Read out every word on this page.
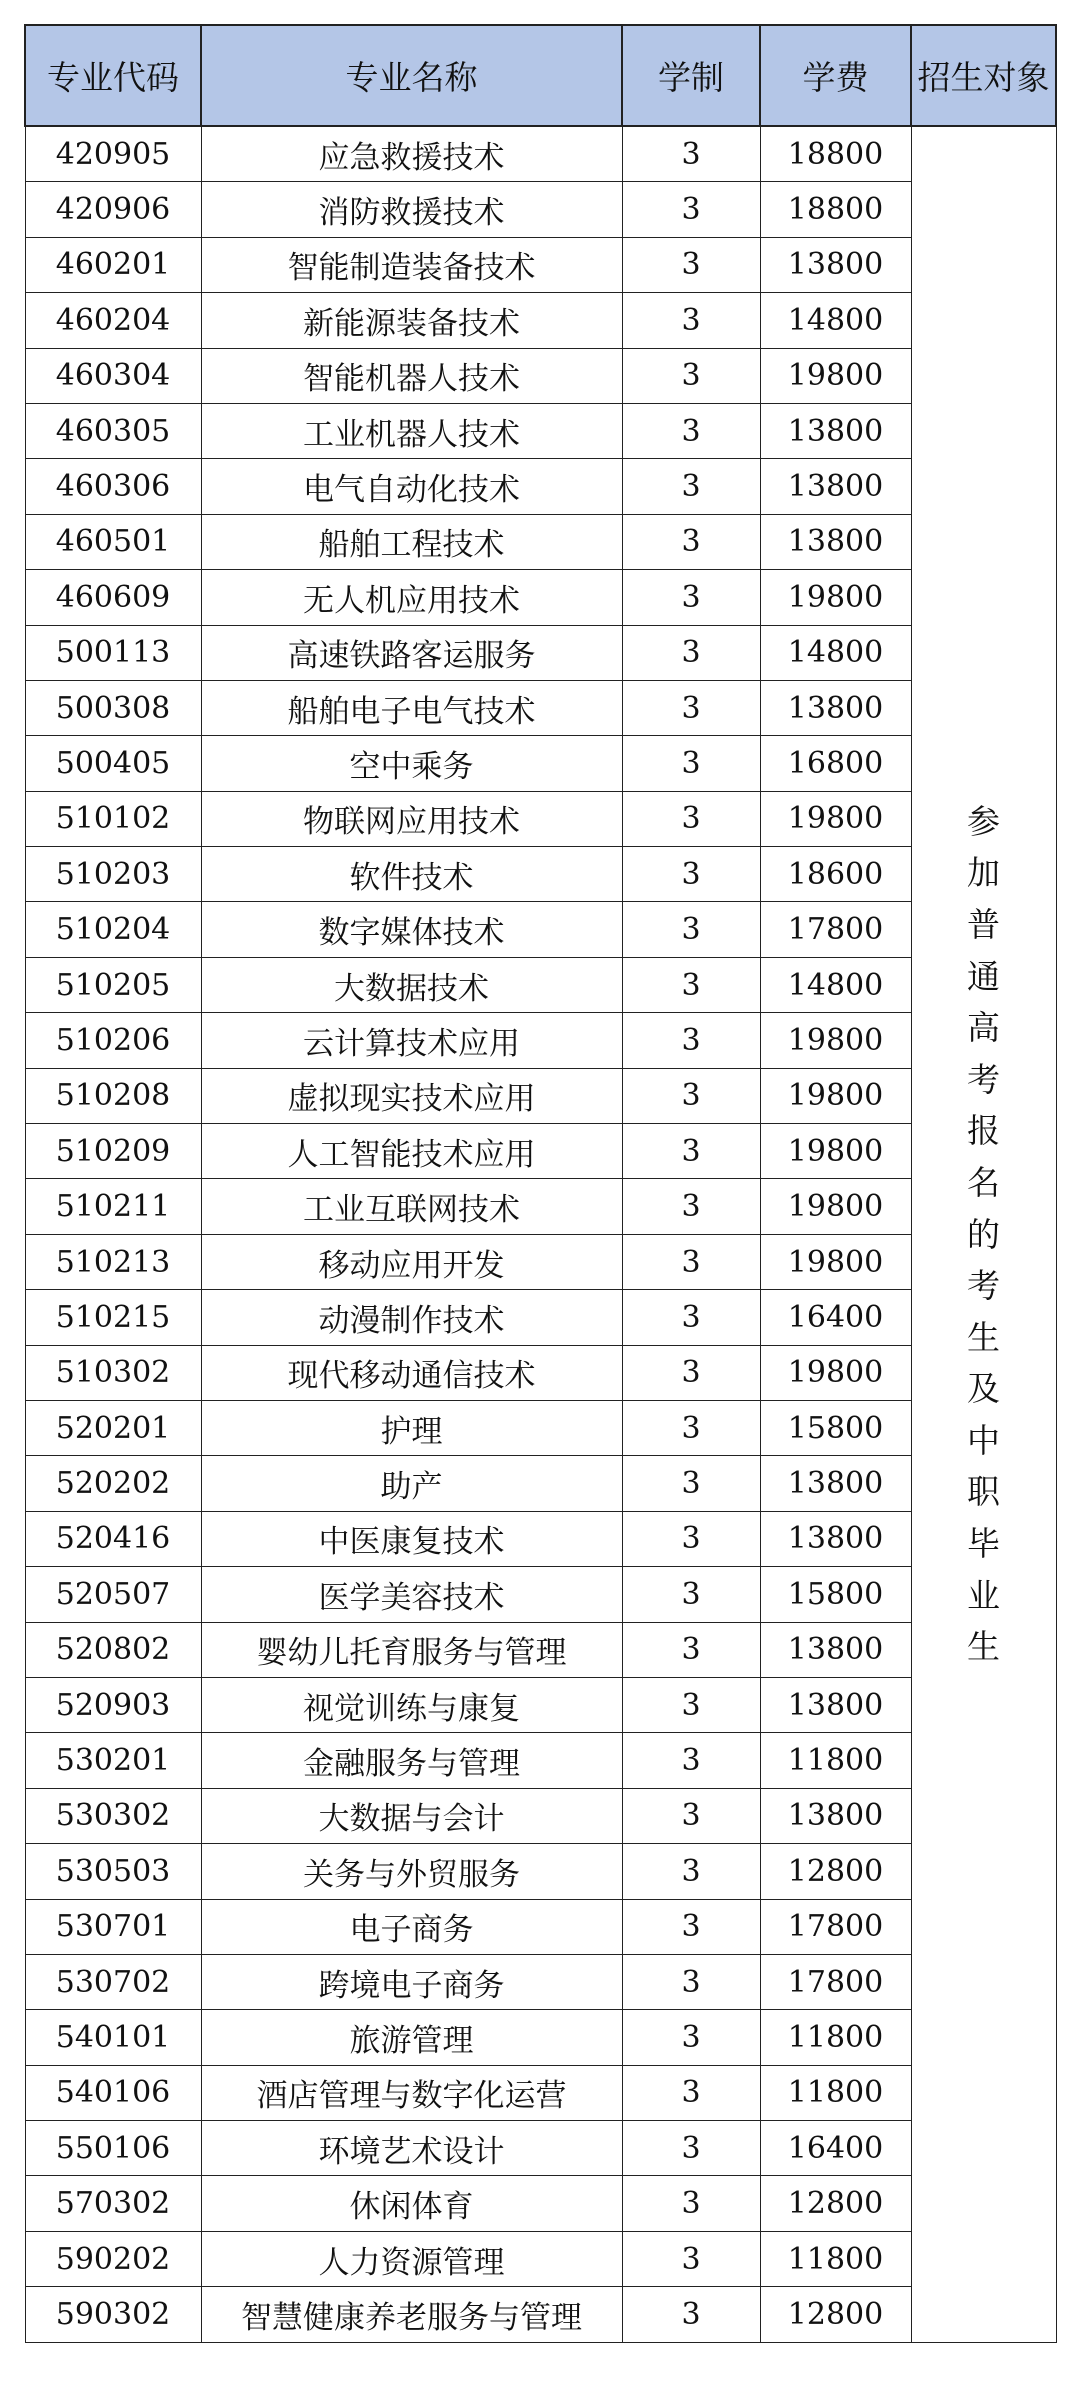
专业代码	专业名称	学制	学费	招生对象
420905	应急救援技术	3	18800	参加普通高考报名的考生及中职毕业生
420906	消防救援技术	3	18800	
460201	智能制造装备技术	3	13800	
460204	新能源装备技术	3	14800	
460304	智能机器人技术	3	19800	
460305	工业机器人技术	3	13800	
460306	电气自动化技术	3	13800	
460501	船舶工程技术	3	13800	
460609	无人机应用技术	3	19800	
500113	高速铁路客运服务	3	14800	
500308	船舶电子电气技术	3	13800	
500405	空中乘务	3	16800	
510102	物联网应用技术	3	19800	
510203	软件技术	3	18600	
510204	数字媒体技术	3	17800	
510205	大数据技术	3	14800	
510206	云计算技术应用	3	19800	
510208	虚拟现实技术应用	3	19800	
510209	人工智能技术应用	3	19800	
510211	工业互联网技术	3	19800	
510213	移动应用开发	3	19800	
510215	动漫制作技术	3	16400	
510302	现代移动通信技术	3	19800	
520201	护理	3	15800	
520202	助产	3	13800	
520416	中医康复技术	3	13800	
520507	医学美容技术	3	15800	
520802	婴幼儿托育服务与管理	3	13800	
520903	视觉训练与康复	3	13800	
530201	金融服务与管理	3	11800	
530302	大数据与会计	3	13800	
530503	关务与外贸服务	3	12800	
530701	电子商务	3	17800	
530702	跨境电子商务	3	17800	
540101	旅游管理	3	11800	
540106	酒店管理与数字化运营	3	11800	
550106	环境艺术设计	3	16400	
570302	休闲体育	3	12800	
590202	人力资源管理	3	11800	
590302	智慧健康养老服务与管理	3	12800	
